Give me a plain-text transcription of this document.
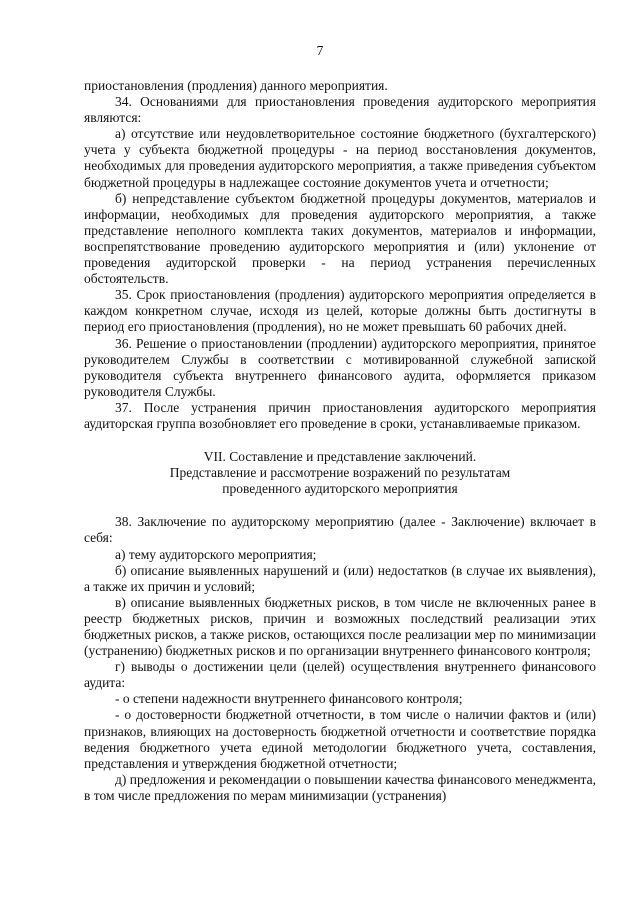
7

приостановления (продления) данного мероприятия.

34. Основаниями для приостановления проведения аудиторского мероприятия являются:

а) отсутствие или неудовлетворительное состояние бюджетного (бухгалтерского) учета у субъекта бюджетной процедуры - на период восстановления документов, необходимых для проведения аудиторского мероприятия, а также приведения субъектом бюджетной процедуры в надлежащее состояние документов учета и отчетности;

б) непредставление субъектом бюджетной процедуры документов, материалов и информации, необходимых для проведения аудиторского мероприятия, а также представление неполного комплекта таких документов, материалов и информации, воспрепятствование проведению аудиторского мероприятия и (или) уклонение от проведения аудиторской проверки - на период устранения перечисленных обстоятельств.

35. Срок приостановления (продления) аудиторского мероприятия определяется в каждом конкретном случае, исходя из целей, которые должны быть достигнуты в период его приостановления (продления), но не может превышать 60 рабочих дней.

36. Решение о приостановлении (продлении) аудиторского мероприятия, принятое руководителем Службы в соответствии с мотивированной служебной запиской руководителя субъекта внутреннего финансового аудита, оформляется приказом руководителя Службы.

37. После устранения причин приостановления аудиторского мероприятия аудиторская группа возобновляет его проведение в сроки, устанавливаемые приказом.

VII. Составление и представление заключений.
Представление и рассмотрение возражений по результатам
проведенного аудиторского мероприятия

38. Заключение по аудиторскому мероприятию (далее - Заключение) включает в себя:

а) тему аудиторского мероприятия;

б) описание выявленных нарушений и (или) недостатков (в случае их выявления), а также их причин и условий;

в) описание выявленных бюджетных рисков, в том числе не включенных ранее в реестр бюджетных рисков, причин и возможных последствий реализации этих бюджетных рисков, а также рисков, остающихся после реализации мер по минимизации (устранению) бюджетных рисков и по организации внутреннего финансового контроля;

г) выводы о достижении цели (целей) осуществления внутреннего финансового аудита:

- о степени надежности внутреннего финансового контроля;

- о достоверности бюджетной отчетности, в том числе о наличии фактов и (или) признаков, влияющих на достоверность бюджетной отчетности и соответствие порядка ведения бюджетного учета единой методологии бюджетного учета, составления, представления и утверждения бюджетной отчетности;

д) предложения и рекомендации о повышении качества финансового менеджмента, в том числе предложения по мерам минимизации (устранения)
